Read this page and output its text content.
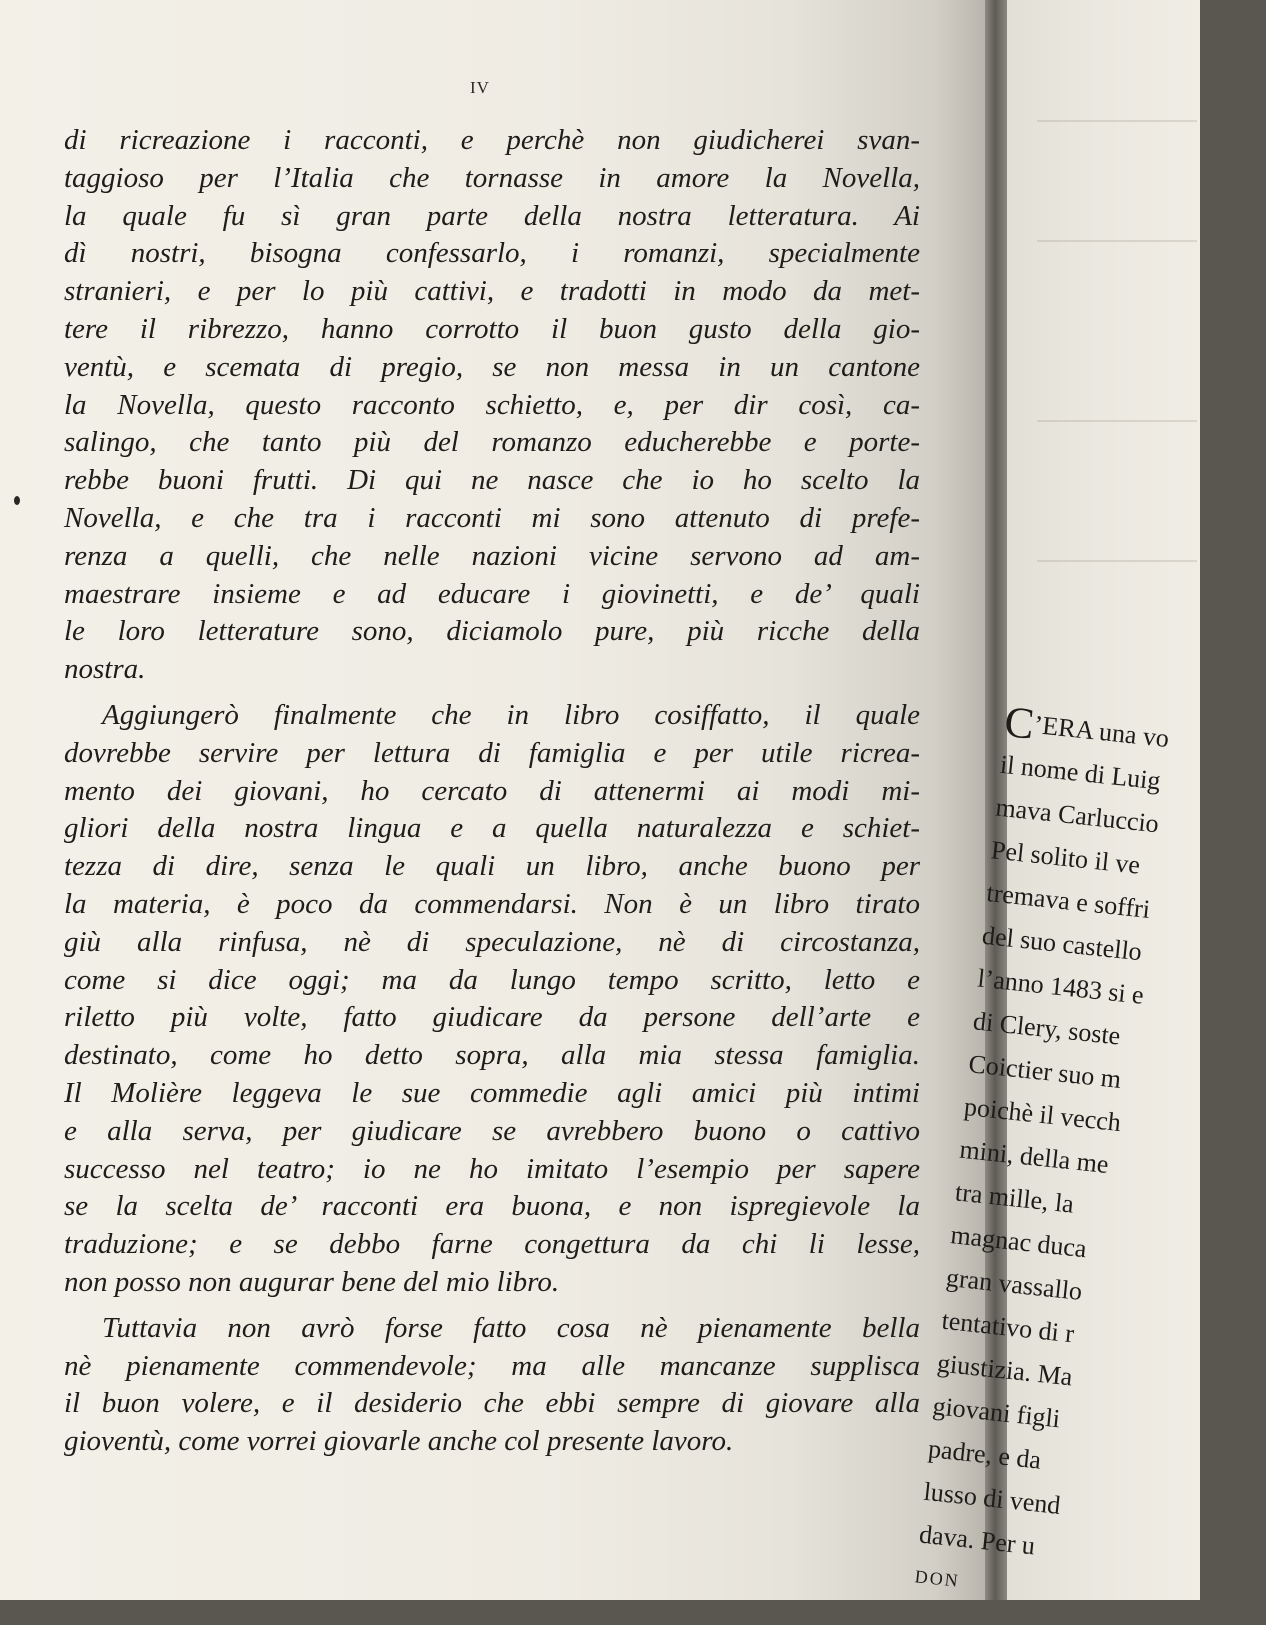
IV
di ricreazione i racconti, e perchè non giudicherei svan-
taggioso per l’Italia che tornasse in amore la Novella,
la quale fu sì gran parte della nostra letteratura. Ai
dì nostri, bisogna confessarlo, i romanzi, specialmente
stranieri, e per lo più cattivi, e tradotti in modo da met-
tere il ribrezzo, hanno corrotto il buon gusto della gio-
ventù, e scemata di pregio, se non messa in un cantone
la Novella, questo racconto schietto, e, per dir così, ca-
salingo, che tanto più del romanzo educherebbe e porte-
rebbe buoni frutti. Di qui ne nasce che io ho scelto la
Novella, e che tra i racconti mi sono attenuto di prefe-
renza a quelli, che nelle nazioni vicine servono ad am-
maestrare insieme e ad educare i giovinetti, e de’ quali
le loro letterature sono, diciamolo pure, più ricche della
nostra.
Aggiungerò finalmente che in libro cosiffatto, il quale
dovrebbe servire per lettura di famiglia e per utile ricrea-
mento dei giovani, ho cercato di attenermi ai modi mi-
gliori della nostra lingua e a quella naturalezza e schiet-
tezza di dire, senza le quali un libro, anche buono per
la materia, è poco da commendarsi. Non è un libro tirato
giù alla rinfusa, nè di speculazione, nè di circostanza,
come si dice oggi; ma da lungo tempo scritto, letto e
riletto più volte, fatto giudicare da persone dell’arte e
destinato, come ho detto sopra, alla mia stessa famiglia.
Il Molière leggeva le sue commedie agli amici più intimi
e alla serva, per giudicare se avrebbero buono o cattivo
successo nel teatro; io ne ho imitato l’esempio per sapere
se la scelta de’ racconti era buona, e non ispregievole la
traduzione; e se debbo farne congettura da chi li lesse,
non posso non augurar bene del mio libro.
Tuttavia non avrò forse fatto cosa nè pienamente bella
nè pienamente commendevole; ma alle mancanze supplisca
il buon volere, e il desiderio che ebbi sempre di giovare alla
gioventù, come vorrei giovarle anche col presente lavoro.
C’ERA una vo
il nome di Luig
mava Carluccio
Pel solito il ve
tremava e soffri
del suo castello
l’anno 1483 si e
di Clery, soste
Coictier suo m
poichè il vecch
mini, della me
tra mille, la
magnac duca
gran vassallo
tentativo di r
giustizia. Ma
giovani figli
padre, e da
lusso di vend
dava. Per u
DON
